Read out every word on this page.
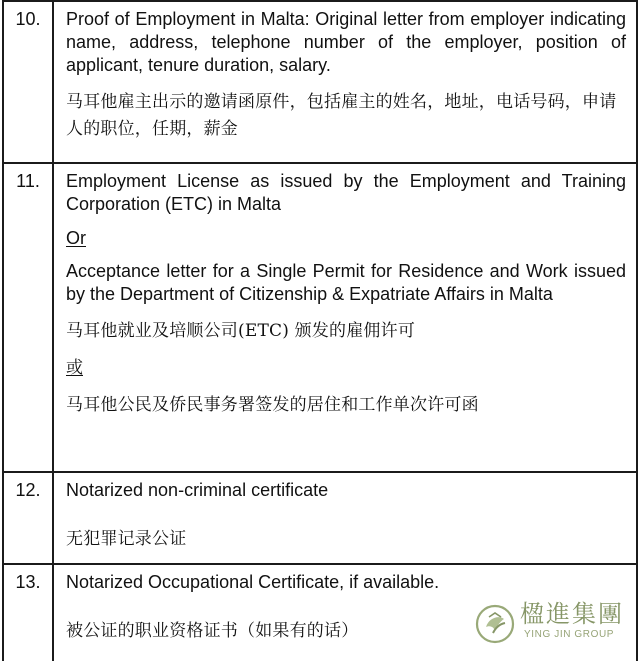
10.	Proof of Employment in Malta: Original letter from employer indicating name, address, telephone number of the employer, position of applicant, tenure duration, salary.
马耳他雇主出示的邀请函原件，包括雇主的姓名，地址，电话号码，申请人的职位，任期，薪金
11.	Employment License as issued by the Employment and Training Corporation (ETC) in Malta
Or
Acceptance letter for a Single Permit for Residence and Work issued by the Department of Citizenship & Expatriate Affairs in Malta
马耳他就业及培顺公司(ETC) 颁发的雇佣许可
或
马耳他公民及侨民事务署签发的居住和工作单次许可函
12.	Notarized non-criminal certificate
无犯罪记录公证
13.	Notarized Occupational Certificate, if available.
被公证的职业资格证书（如果有的话）
楹進集團
YING JIN GROUP
